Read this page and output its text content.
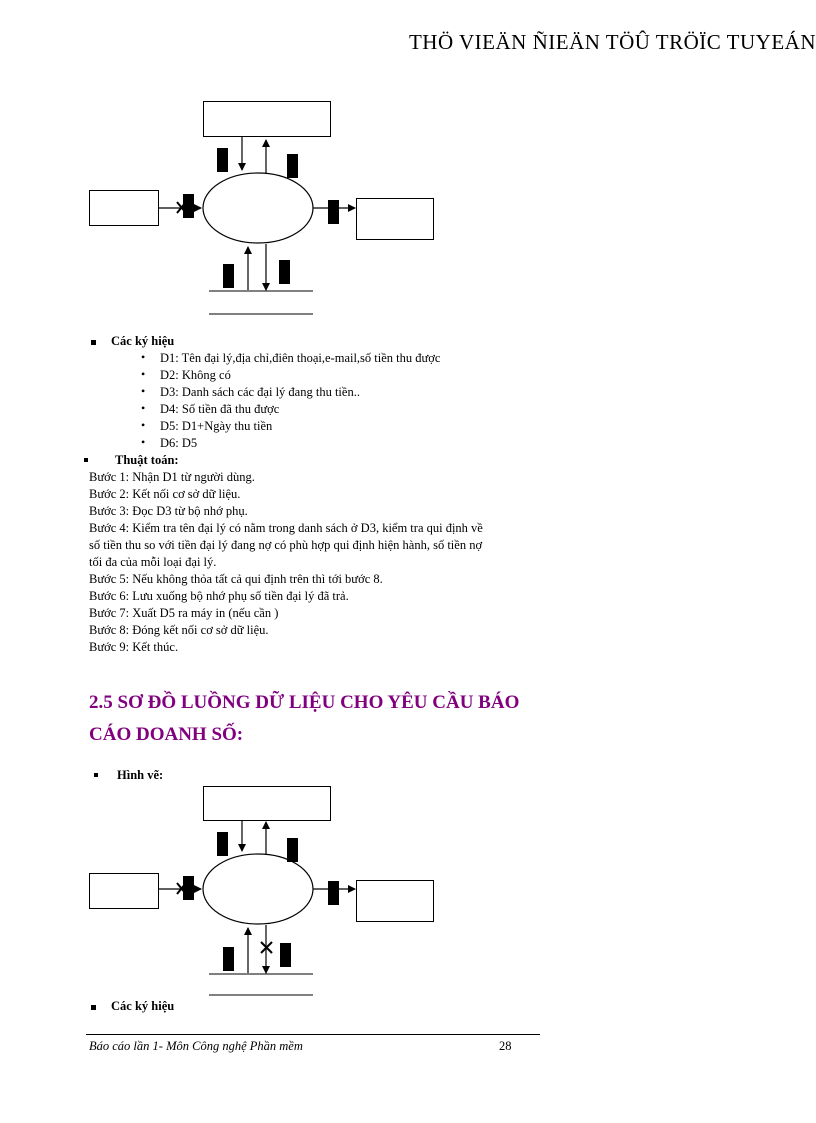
THÖ VIEÄN ÑIEÄN TÖÛ TRÖÏC TUYEÁN
Các ký hiệu
• D1: Tên đại lý,địa chỉ,điên thoại,e-mail,số tiền thu được
• D2: Không có
• D3: Danh sách các đại lý đang thu tiền..
• D4: Số tiền đã thu được
• D5: D1+Ngày thu tiền
• D6: D5
Thuật toán:
Bước 1: Nhận D1 từ người dùng.
Bước 2: Kết nối cơ sở dữ liệu.
Bước 3: Đọc D3 từ bộ nhớ phụ.
Bước 4: Kiểm tra tên đại lý có nằm trong danh sách ở D3, kiểm tra qui định về
số tiền thu so với tiền đại lý đang nợ có phù hợp qui định hiện hành, số tiền nợ
tối đa của mỗi loại đại lý.
Bước 5: Nếu không thỏa tất cả qui định trên thì tới bước 8.
Bước 6: Lưu xuống bộ nhớ phụ số tiền đại lý đã trả.
Bước 7: Xuất D5 ra máy in (nếu cần )
Bước 8: Đóng kết nối cơ sở dữ liệu.
Bước 9: Kết thúc.
2.5 SƠ ĐỒ LUỒNG DỮ LIỆU CHO YÊU CẦU BÁO
CÁO DOANH SỐ:
Hình vẽ:
Các ký hiệu
Báo cáo lần 1- Môn Công nghệ Phần mềm	28
